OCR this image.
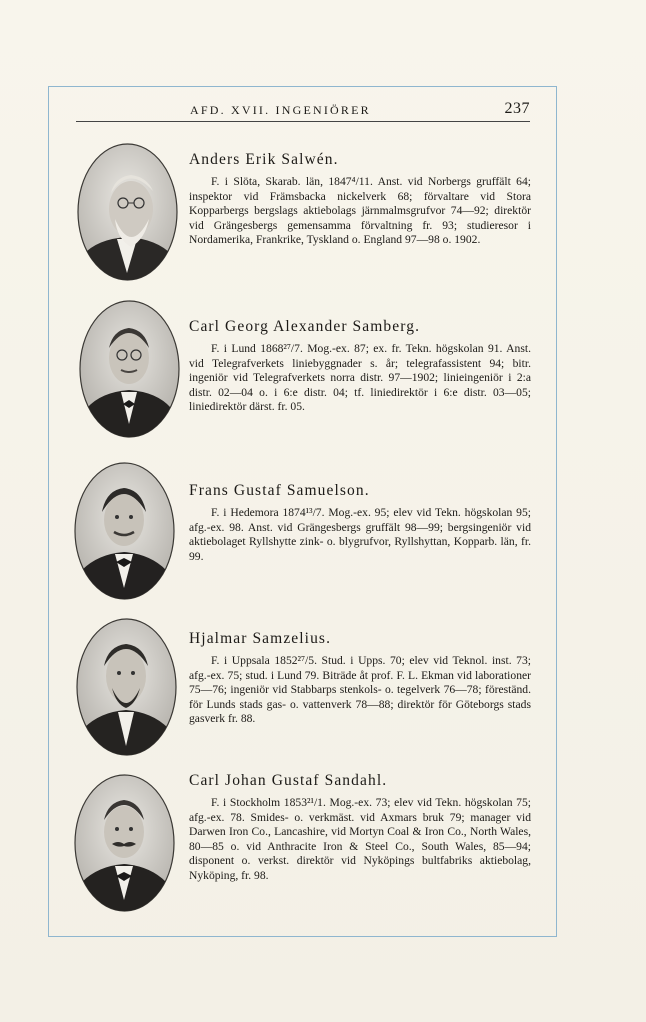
AFD. XVII. INGENIÖRER	237

Anders Erik Salwén.

F. i Slöta, Skarab. län, 1847⁴/11. Anst. vid Norbergs gruffält 64; inspektor vid Främsbacka nickelverk 68; förvaltare vid Stora Kopparbergs bergslags aktiebolags järnmalmsgrufvor 74—92; direktör vid Grängesbergs gemensamma förvaltning fr. 93; studieresor i Nordamerika, Frankrike, Tyskland o. England 97—98 o. 1902.

Carl Georg Alexander Samberg.

F. i Lund 1868²⁷/7. Mog.-ex. 87; ex. fr. Tekn. högskolan 91. Anst. vid Telegrafverkets liniebyggnader s. år; telegrafassistent 94; bitr. ingeniör vid Telegrafverkets norra distr. 97—1902; linieingeniör i 2:a distr. 02—04 o. i 6:e distr. 04; tf. liniedirektör i 6:e distr. 03—05; liniedirektör därst. fr. 05.

Frans Gustaf Samuelson.

F. i Hedemora 1874¹³/7. Mog.-ex. 95; elev vid Tekn. högskolan 95; afg.-ex. 98. Anst. vid Grängesbergs gruffält 98—99; bergsingeniör vid aktiebolaget Ryllshytte zink- o. blygrufvor, Ryllshyttan, Kopparb. län, fr. 99.

Hjalmar Samzelius.

F. i Uppsala 1852²⁷/5. Stud. i Upps. 70; elev vid Teknol. inst. 73; afg.-ex. 75; stud. i Lund 79. Biträde åt prof. F. L. Ekman vid laborationer 75—76; ingeniör vid Stabbarps stenkols- o. tegelverk 76—78; föreständ. för Lunds stads gas- o. vattenverk 78—88; direktör för Göteborgs stads gasverk fr. 88.

Carl Johan Gustaf Sandahl.

F. i Stockholm 1853²¹/1. Mog.-ex. 73; elev vid Tekn. högskolan 75; afg.-ex. 78. Smides- o. verkmäst. vid Axmars bruk 79; manager vid Darwen Iron Co., Lancashire, vid Mortyn Coal & Iron Co., North Wales, 80—85 o. vid Anthracite Iron & Steel Co., South Wales, 85—94; disponent o. verkst. direktör vid Nyköpings bultfabriks aktiebolag, Nyköping, fr. 98.
